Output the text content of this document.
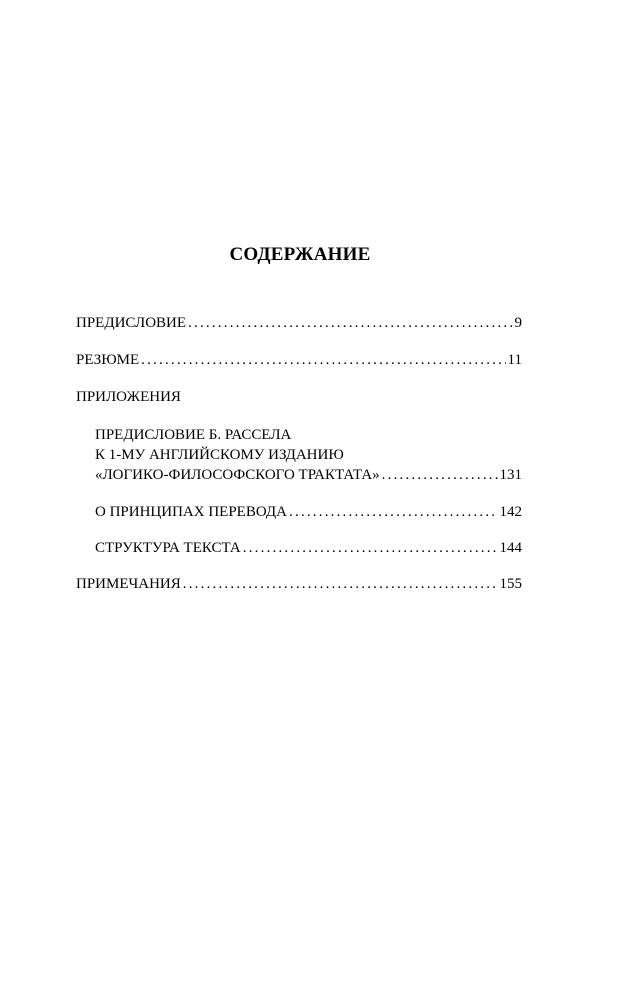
СОДЕРЖАНИЕ
ПРЕДИСЛОВИЕ .....	9
РЕЗЮМЕ .....	11
ПРИЛОЖЕНИЯ
ПРЕДИСЛОВИЕ Б. РАССЕЛА
К 1-МУ АНГЛИЙСКОМУ ИЗДАНИЮ
«ЛОГИКО-ФИЛОСОФСКОГО ТРАКТАТА» .....	131
О ПРИНЦИПАХ ПЕРЕВОДА .....	142
СТРУКТУРА ТЕКСТА .....	144
ПРИМЕЧАНИЯ .....	155
